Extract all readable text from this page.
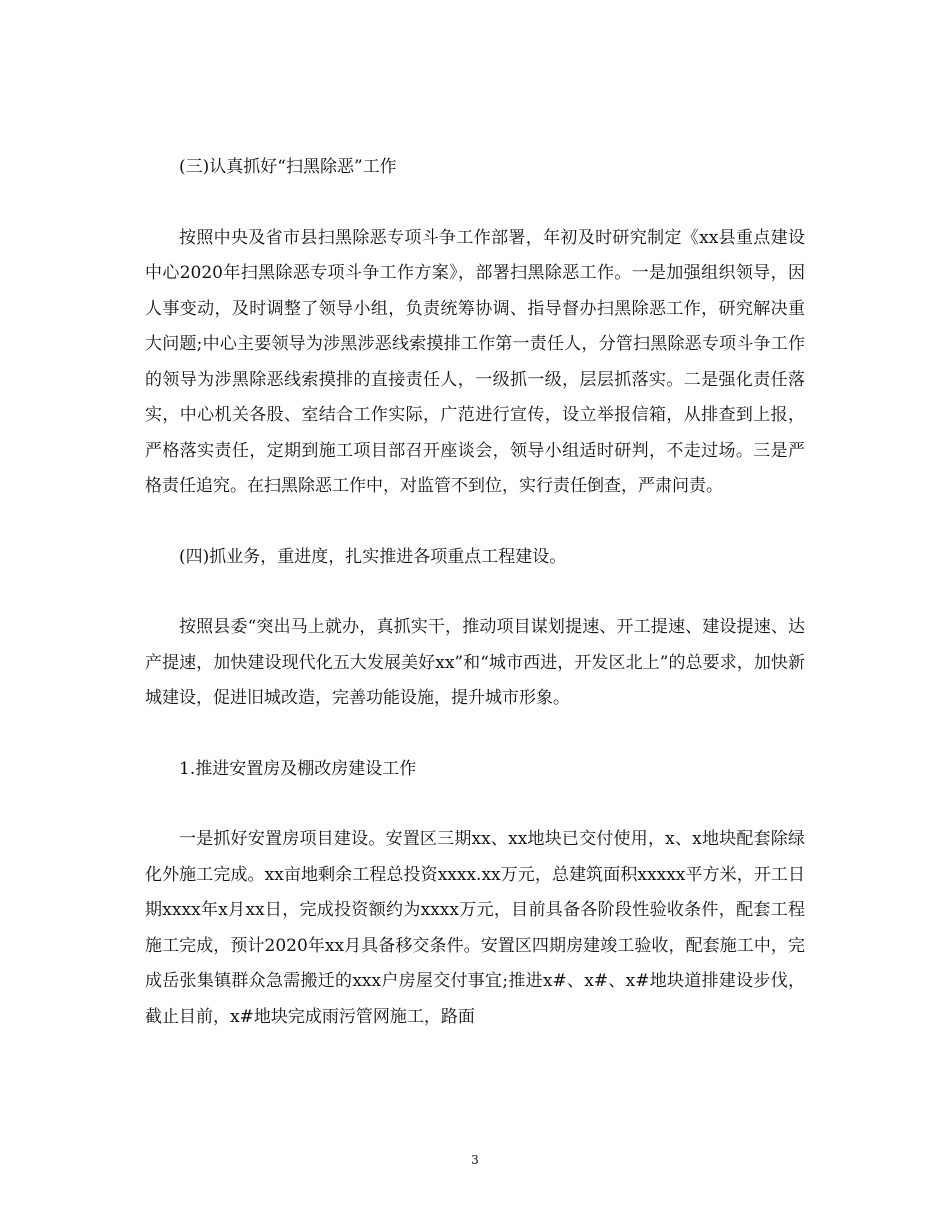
(三)认真抓好“扫黑除恶”工作

按照中央及省市县扫黑除恶专项斗争工作部署，年初及时研究制定《xx县重点建设中心2020年扫黑除恶专项斗争工作方案》，部署扫黑除恶工作。一是加强组织领导，因人事变动，及时调整了领导小组，负责统筹协调、指导督办扫黑除恶工作，研究解决重大问题;中心主要领导为涉黑涉恶线索摸排工作第一责任人，分管扫黑除恶专项斗争工作的领导为涉黑除恶线索摸排的直接责任人，一级抓一级，层层抓落实。二是强化责任落实，中心机关各股、室结合工作实际，广范进行宣传，设立举报信箱，从排查到上报，严格落实责任，定期到施工项目部召开座谈会，领导小组适时研判，不走过场。三是严格责任追究。在扫黑除恶工作中，对监管不到位，实行责任倒查，严肃问责。

(四)抓业务，重进度，扎实推进各项重点工程建设。

按照县委“突出马上就办，真抓实干，推动项目谋划提速、开工提速、建设提速、达产提速，加快建设现代化五大发展美好xx”和“城市西进，开发区北上”的总要求，加快新城建设，促进旧城改造，完善功能设施，提升城市形象。

1.推进安置房及棚改房建设工作

一是抓好安置房项目建设。安置区三期xx、xx地块已交付使用，x、x地块配套除绿化外施工完成。xx亩地剩余工程总投资xxxx.xx万元，总建筑面积xxxxx平方米，开工日期xxxx年x月xx日，完成投资额约为xxxx万元，目前具备各阶段性验收条件，配套工程施工完成，预计2020年xx月具备移交条件。安置区四期房建竣工验收，配套施工中，完成岳张集镇群众急需搬迁的xxx户房屋交付事宜;推进x#、x#、x#地块道排建设步伐，截止目前，x#地块完成雨污管网施工，路面

3
